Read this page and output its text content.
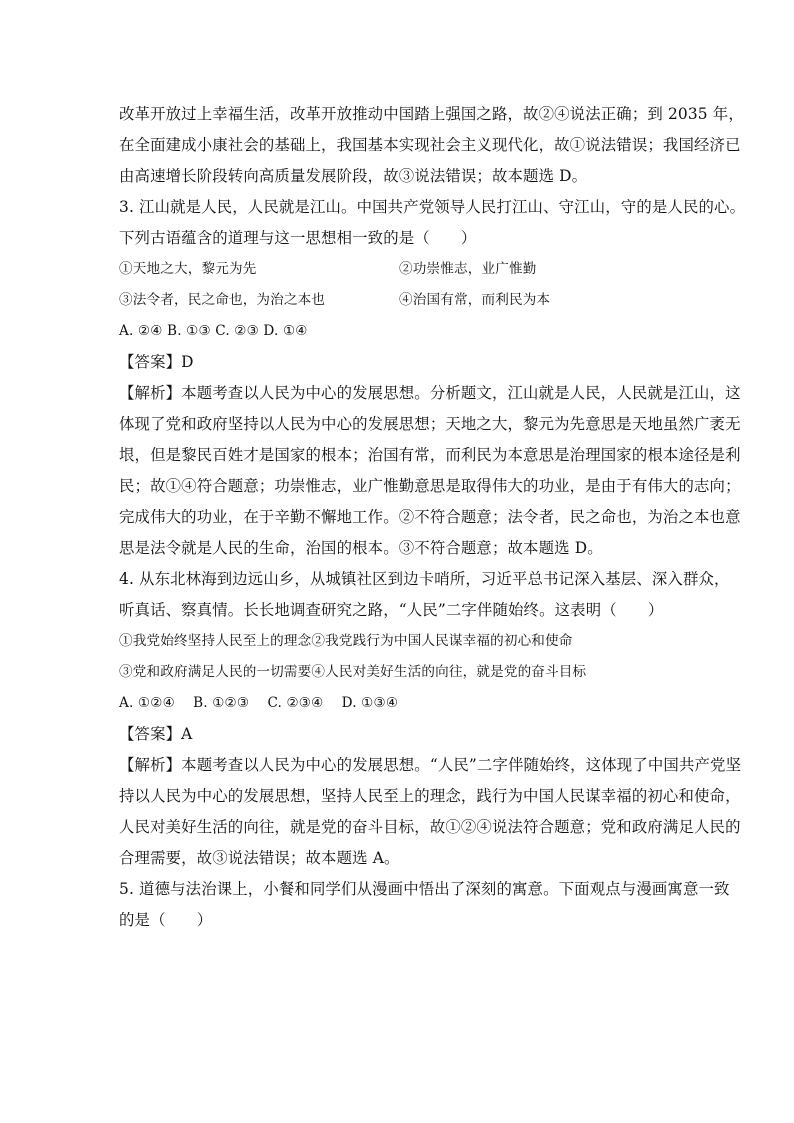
改革开放过上幸福生活，改革开放推动中国踏上强国之路，故②④说法正确；到 2035 年，
在全面建成小康社会的基础上，我国基本实现社会主义现代化，故①说法错误；我国经济已
由高速增长阶段转向高质量发展阶段，故③说法错误；故本题选 D。
3. 江山就是人民，人民就是江山。中国共产党领导人民打江山、守江山，守的是人民的心。
下列古语蕴含的道理与这一思想相一致的是（　　）
①天地之大，黎元为先	②功崇惟志，业广惟勤
③法令者，民之命也，为治之本也	④治国有常，而利民为本
A. ②④ B. ①③ C. ②③ D. ①④
【答案】D
【解析】本题考查以人民为中心的发展思想。分析题文，江山就是人民，人民就是江山，这
体现了党和政府坚持以人民为中心的发展思想；天地之大，黎元为先意思是天地虽然广袤无
垠，但是黎民百姓才是国家的根本；治国有常，而利民为本意思是治理国家的根本途径是利
民；故①④符合题意；功崇惟志，业广惟勤意思是取得伟大的功业，是由于有伟大的志向；
完成伟大的功业，在于辛勤不懈地工作。②不符合题意；法令者，民之命也，为治之本也意
思是法令就是人民的生命，治国的根本。③不符合题意；故本题选 D。
4. 从东北林海到边远山乡，从城镇社区到边卡哨所，习近平总书记深入基层、深入群众，
听真话、察真情。长长地调查研究之路，“人民”二字伴随始终。这表明（　　）
①我党始终坚持人民至上的理念②我党践行为中国人民谋幸福的初心和使命
③党和政府满足人民的一切需要④人民对美好生活的向往，就是党的奋斗目标
A. ①②④　 B. ①②③　 C. ②③④　 D. ①③④
【答案】A
【解析】本题考查以人民为中心的发展思想。“人民”二字伴随始终，这体现了中国共产党坚
持以人民为中心的发展思想，坚持人民至上的理念，践行为中国人民谋幸福的初心和使命，
人民对美好生活的向往，就是党的奋斗目标，故①②④说法符合题意；党和政府满足人民的
合理需要，故③说法错误；故本题选 A。
5. 道德与法治课上，小餐和同学们从漫画中悟出了深刻的寓意。下面观点与漫画寓意一致
的是（　　）
